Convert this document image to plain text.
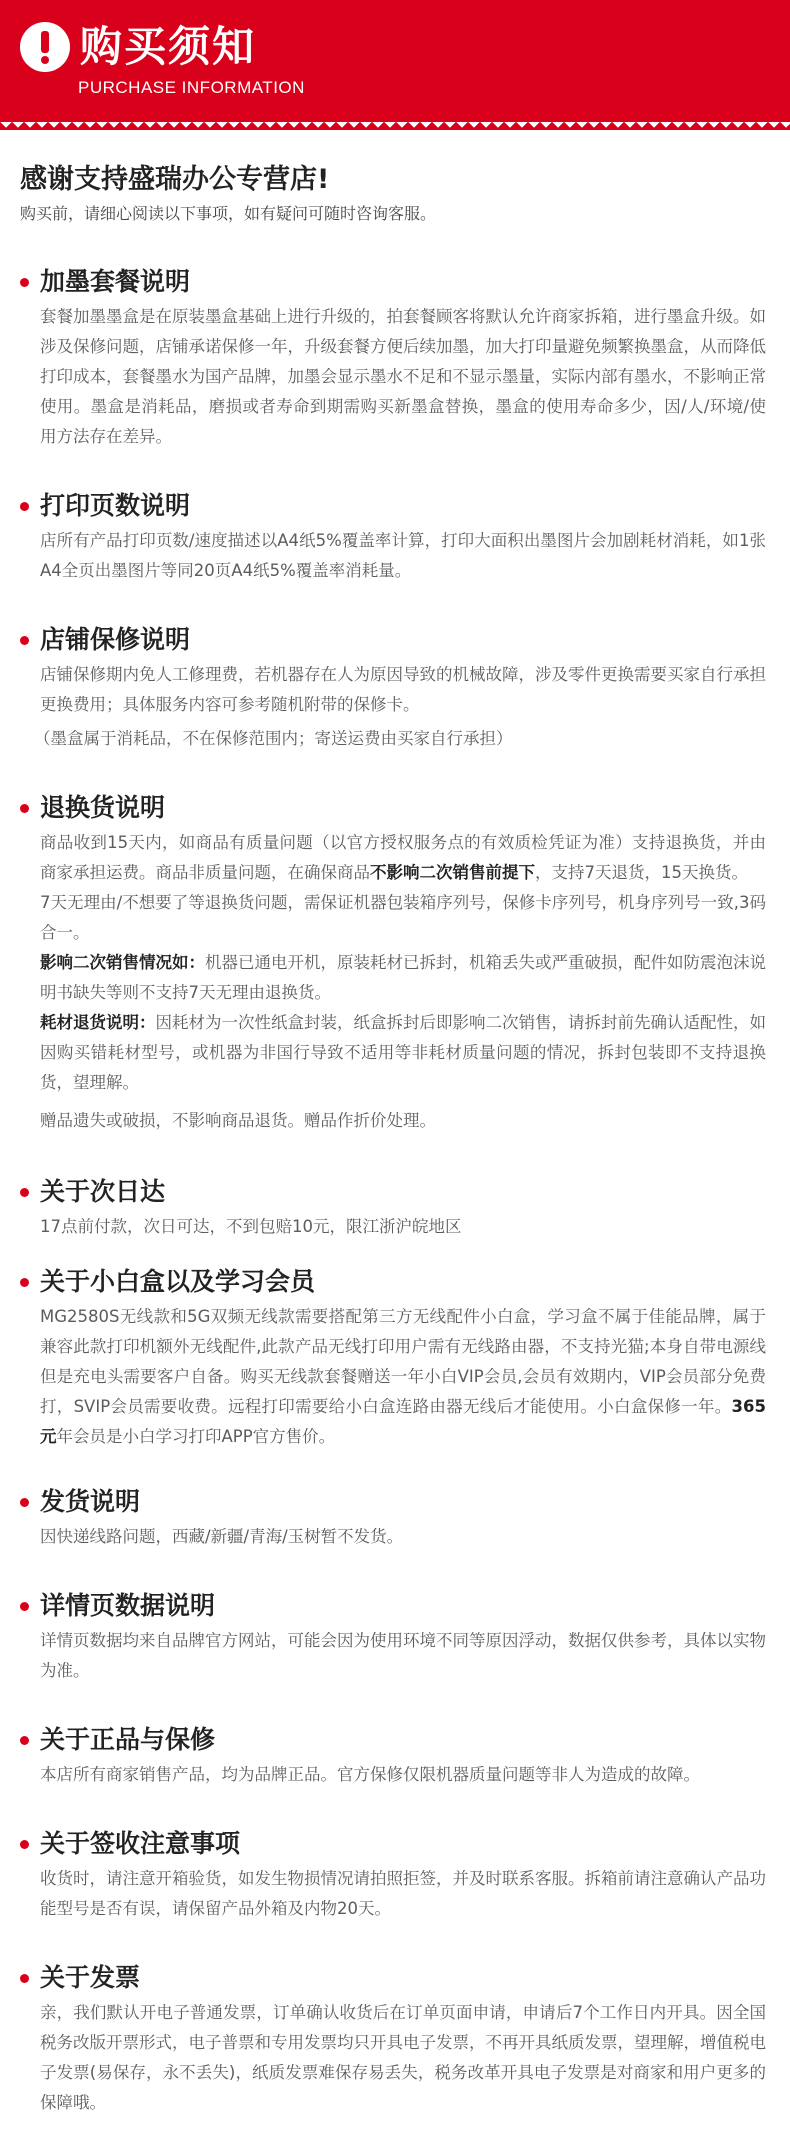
购买须知
PURCHASE INFORMATION
感谢支持盛瑞办公专营店!
购买前，请细心阅读以下事项，如有疑问可随时咨询客服。
加墨套餐说明

套餐加墨墨盒是在原装墨盒基础上进行升级的，拍套餐顾客将默认允许商家拆箱，进行墨盒升级。如涉及保修问题，店铺承诺保修一年，升级套餐方便后续加墨，加大打印量避免频繁换墨盒，从而降低打印成本，套餐墨水为国产品牌，加墨会显示墨水不足和不显示墨量，实际内部有墨水，不影响正常使用。墨盒是消耗品，磨损或者寿命到期需购买新墨盒替换，墨盒的使用寿命多少，因/人/环境/使用方法存在差异。

打印页数说明

店所有产品打印页数/速度描述以A4纸5%覆盖率计算，打印大面积出墨图片会加剧耗材消耗，如1张A4全页出墨图片等同20页A4纸5%覆盖率消耗量。

店铺保修说明

店铺保修期内免人工修理费，若机器存在人为原因导致的机械故障，涉及零件更换需要买家自行承担更换费用；具体服务内容可参考随机附带的保修卡。

（墨盒属于消耗品，不在保修范围内；寄送运费由买家自行承担）

退换货说明

商品收到15天内，如商品有质量问题（以官方授权服务点的有效质检凭证为准）支持退换货，并由商家承担运费。商品非质量问题，在确保商品不影响二次销售前提下，支持7天退货，15天换货。

7天无理由/不想要了等退换货问题，需保证机器包装箱序列号，保修卡序列号，机身序列号一致,3码合一。

影响二次销售情况如：机器已通电开机，原装耗材已拆封，机箱丢失或严重破损，配件如防震泡沫说明书缺失等则不支持7天无理由退换货。

耗材退货说明：因耗材为一次性纸盒封装，纸盒拆封后即影响二次销售，请拆封前先确认适配性，如因购买错耗材型号，或机器为非国行导致不适用等非耗材质量问题的情况，拆封包装即不支持退换货，望理解。

赠品遗失或破损，不影响商品退货。赠品作折价处理。

关于次日达

17点前付款，次日可达，不到包赔10元，限江浙沪皖地区

关于小白盒以及学习会员

MG2580S无线款和5G双频无线款需要搭配第三方无线配件小白盒，学习盒不属于佳能品牌，属于兼容此款打印机额外无线配件,此款产品无线打印用户需有无线路由器，不支持光猫;本身自带电源线但是充电头需要客户自备。购买无线款套餐赠送一年小白VIP会员,会员有效期内，VIP会员部分免费打，SVIP会员需要收费。远程打印需要给小白盒连路由器无线后才能使用。小白盒保修一年。365元年会员是小白学习打印APP官方售价。

发货说明

因快递线路问题，西藏/新疆/青海/玉树暂不发货。

详情页数据说明

详情页数据均来自品牌官方网站，可能会因为使用环境不同等原因浮动，数据仅供参考，具体以实物为准。

关于正品与保修

本店所有商家销售产品，均为品牌正品。官方保修仅限机器质量问题等非人为造成的故障。

关于签收注意事项

收货时，请注意开箱验货，如发生物损情况请拍照拒签，并及时联系客服。拆箱前请注意确认产品功能型号是否有误，请保留产品外箱及内物20天。

关于发票

亲，我们默认开电子普通发票，订单确认收货后在订单页面申请，申请后7个工作日内开具。因全国税务改版开票形式，电子普票和专用发票均只开具电子发票，不再开具纸质发票，望理解，增值税电子发票(易保存，永不丢失)，纸质发票难保存易丢失，税务改革开具电子发票是对商家和用户更多的保障哦。
